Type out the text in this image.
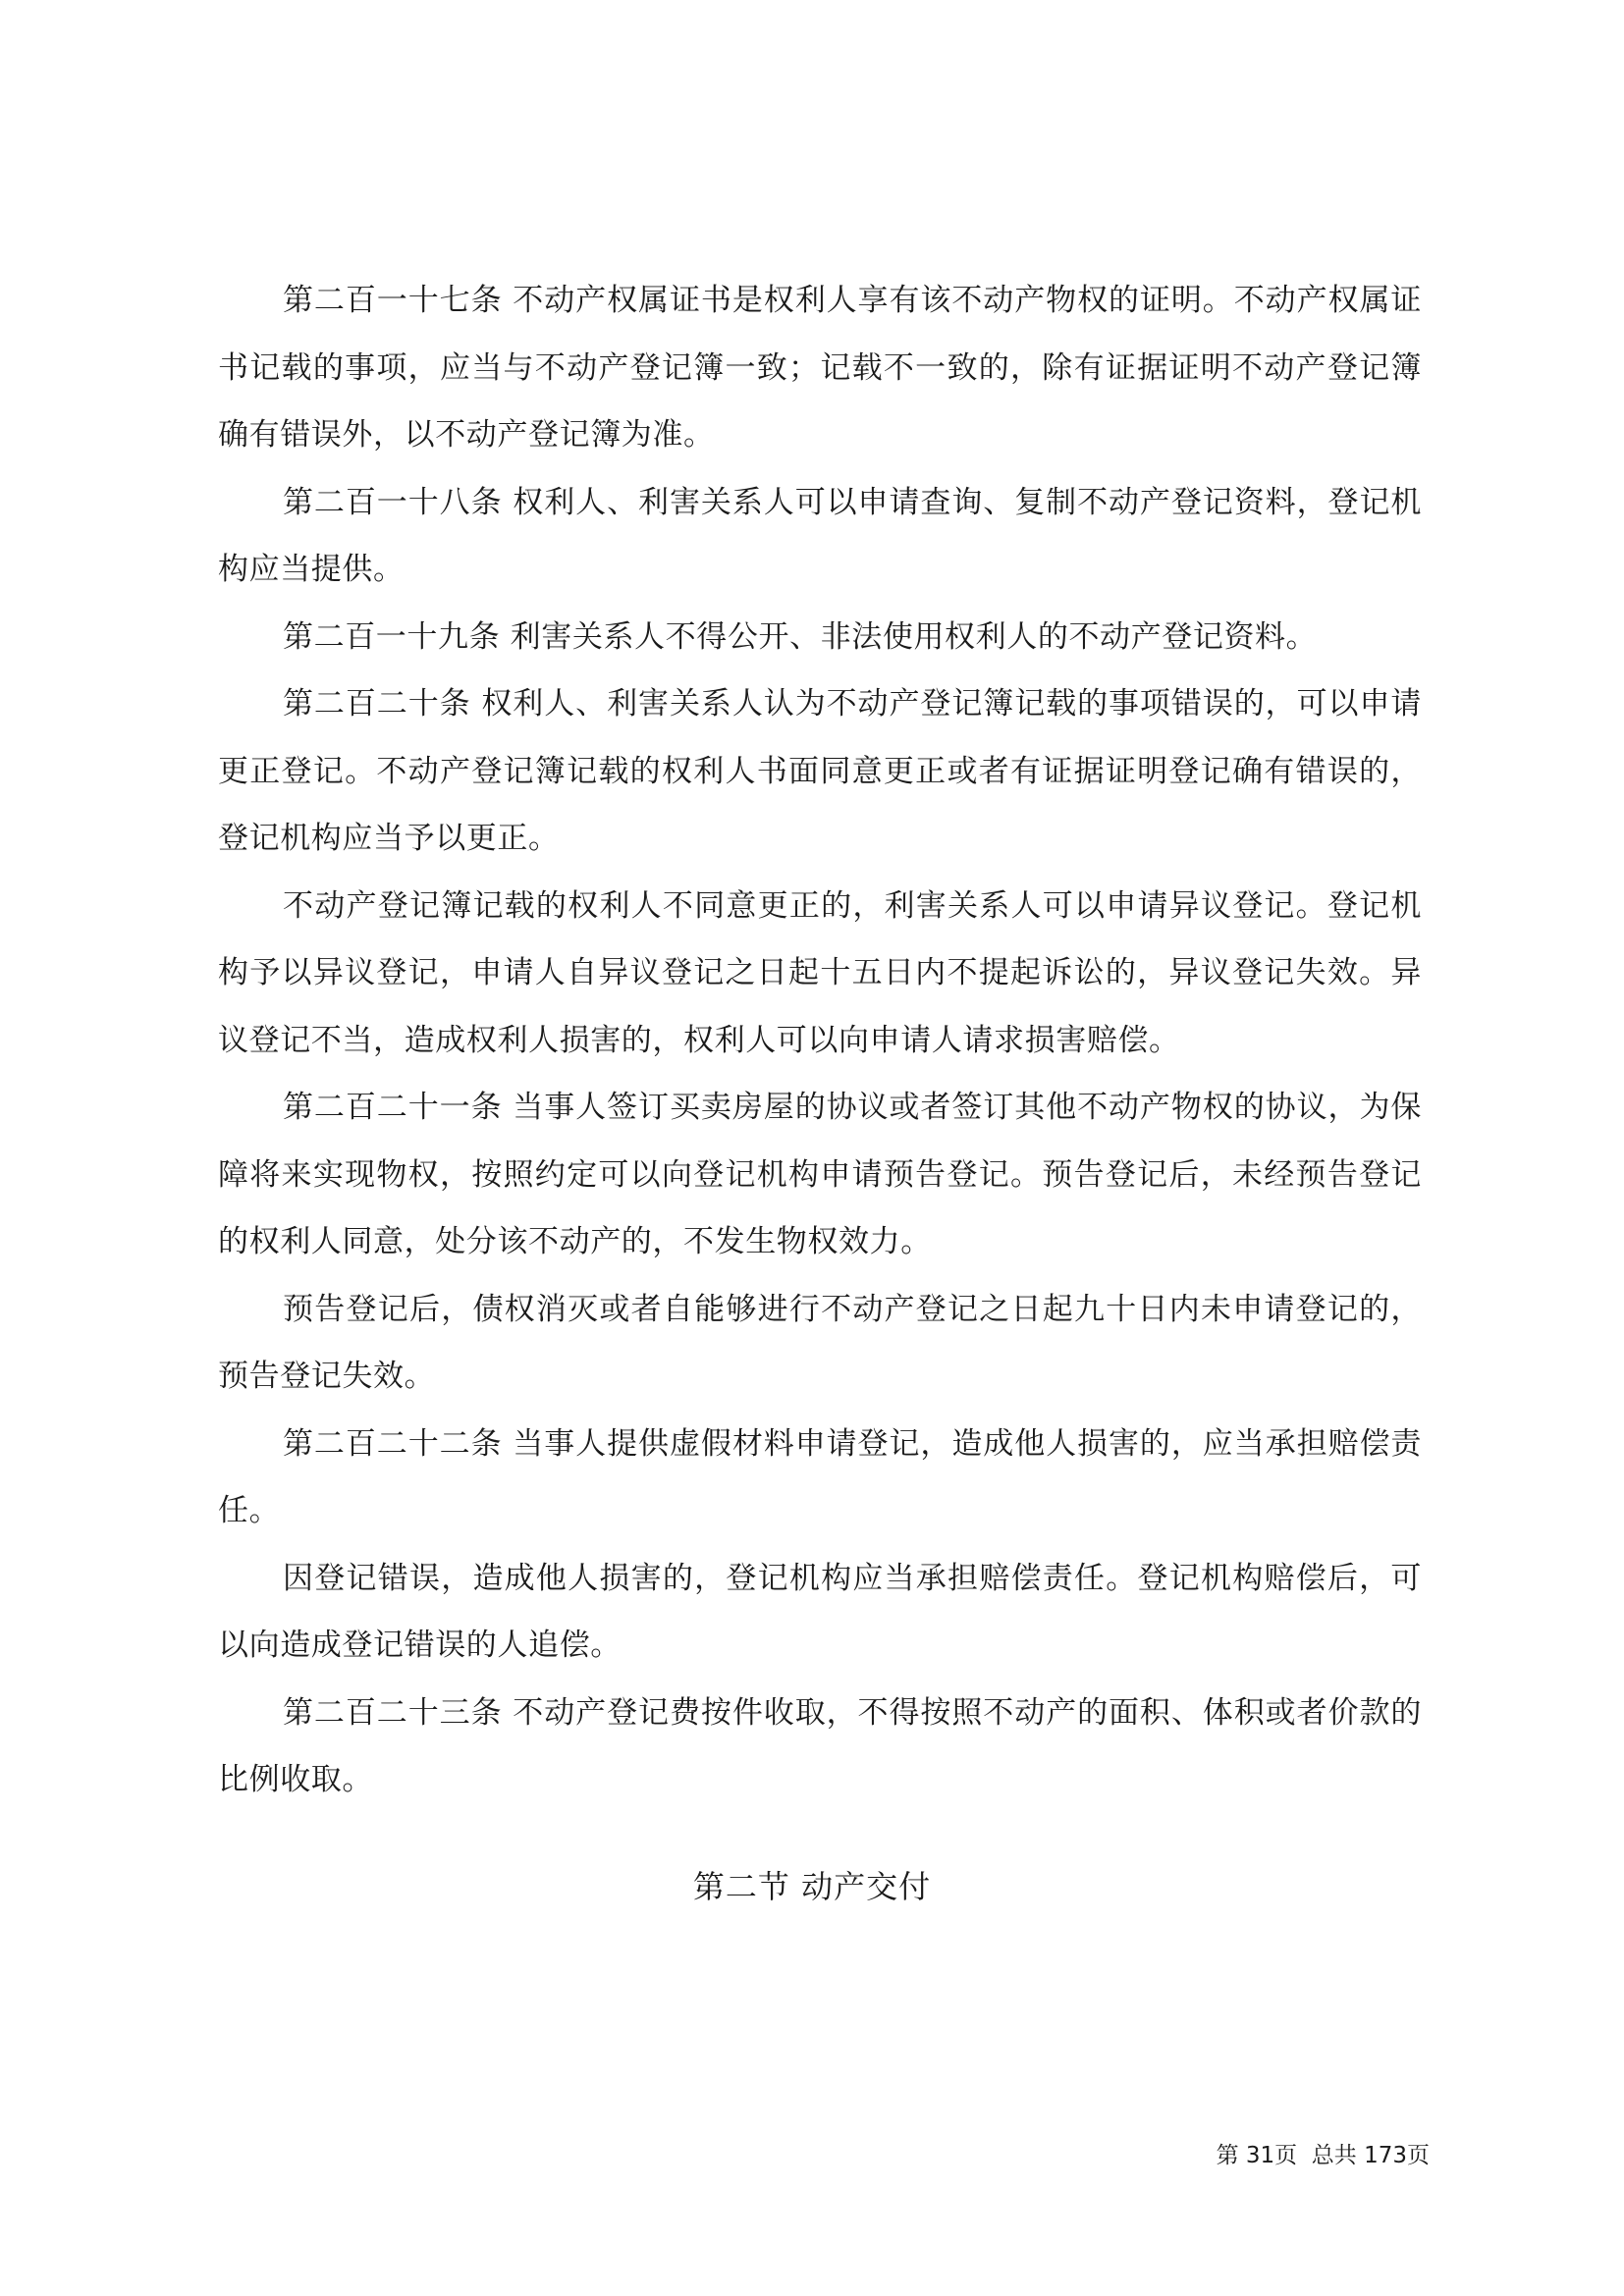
第二百一十七条 不动产权属证书是权利人享有该不动产物权的证明。不动产权属证书记载的事项，应当与不动产登记簿一致；记载不一致的，除有证据证明不动产登记簿确有错误外，以不动产登记簿为准。

第二百一十八条 权利人、利害关系人可以申请查询、复制不动产登记资料，登记机构应当提供。

第二百一十九条 利害关系人不得公开、非法使用权利人的不动产登记资料。

第二百二十条 权利人、利害关系人认为不动产登记簿记载的事项错误的，可以申请更正登记。不动产登记簿记载的权利人书面同意更正或者有证据证明登记确有错误的，登记机构应当予以更正。

不动产登记簿记载的权利人不同意更正的，利害关系人可以申请异议登记。登记机构予以异议登记，申请人自异议登记之日起十五日内不提起诉讼的，异议登记失效。异议登记不当，造成权利人损害的，权利人可以向申请人请求损害赔偿。

第二百二十一条 当事人签订买卖房屋的协议或者签订其他不动产物权的协议，为保障将来实现物权，按照约定可以向登记机构申请预告登记。预告登记后，未经预告登记的权利人同意，处分该不动产的，不发生物权效力。

预告登记后，债权消灭或者自能够进行不动产登记之日起九十日内未申请登记的，预告登记失效。

第二百二十二条 当事人提供虚假材料申请登记，造成他人损害的，应当承担赔偿责任。

因登记错误，造成他人损害的，登记机构应当承担赔偿责任。登记机构赔偿后，可以向造成登记错误的人追偿。

第二百二十三条 不动产登记费按件收取，不得按照不动产的面积、体积或者价款的比例收取。

第二节 动产交付
第 31页  总共 173页
